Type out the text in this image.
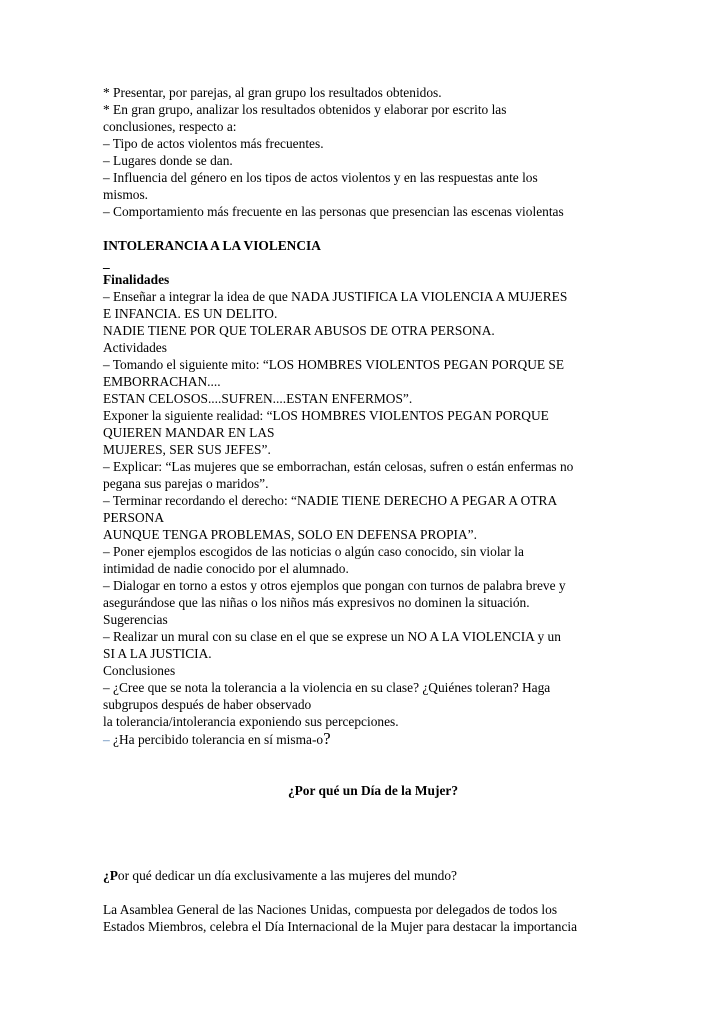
* Presentar, por parejas, al gran grupo los resultados obtenidos.

* En gran grupo, analizar los resultados obtenidos y elaborar por escrito las

conclusiones, respecto a:

– Tipo de actos violentos más frecuentes.

– Lugares donde se dan.

– Influencia del género en los tipos de actos violentos y en las respuestas ante los

mismos.

– Comportamiento más frecuente en las personas que presencian las escenas violentas

INTOLERANCIA A LA VIOLENCIA

_

Finalidades

– Enseñar a integrar la idea de que NADA JUSTIFICA LA VIOLENCIA A MUJERES

E INFANCIA. ES UN DELITO.

NADIE TIENE POR QUE TOLERAR ABUSOS DE OTRA PERSONA.

Actividades

– Tomando el siguiente mito: “LOS HOMBRES VIOLENTOS PEGAN PORQUE SE

EMBORRACHAN....

ESTAN CELOSOS....SUFREN....ESTAN ENFERMOS”.

Exponer la siguiente realidad: “LOS HOMBRES VIOLENTOS PEGAN PORQUE

QUIEREN MANDAR EN LAS

MUJERES, SER SUS JEFES”.

– Explicar: “Las mujeres que se emborrachan, están celosas, sufren o están enfermas no

pegana sus parejas o maridos”.

– Terminar recordando el derecho: “NADIE TIENE DERECHO A PEGAR A OTRA

PERSONA

AUNQUE TENGA PROBLEMAS, SOLO EN DEFENSA PROPIA”.

– Poner ejemplos escogidos de las noticias o algún caso conocido, sin violar la

intimidad de nadie conocido por el alumnado.

– Dialogar en torno a estos y otros ejemplos que pongan con turnos de palabra breve y

asegurándose que las niñas o los niños más expresivos no dominen la situación.

Sugerencias

– Realizar un mural con su clase en el que se exprese un NO A LA VIOLENCIA y un

SI A LA JUSTICIA.

Conclusiones

– ¿Cree que se nota la tolerancia a la violencia en su clase? ¿Quiénes toleran? Haga

subgrupos después de haber observado

la tolerancia/intolerancia exponiendo sus percepciones.

– ¿Ha percibido tolerancia en sí misma-o?

¿Por qué un Día de la Mujer?

¿Por qué dedicar un día exclusivamente a las mujeres del mundo?

La Asamblea General de las Naciones Unidas, compuesta por delegados de todos los

Estados Miembros, celebra el Día Internacional de la Mujer para destacar la importancia
